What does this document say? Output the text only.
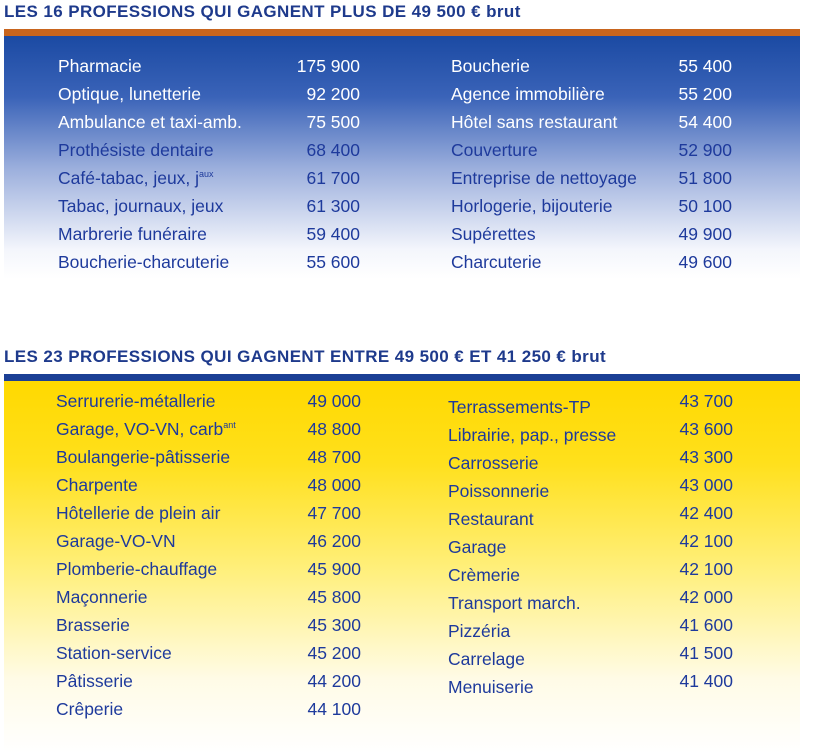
LES 16 PROFESSIONS QUI GAGNENT PLUS DE 49 500 € brut
Pharmacie	175 900
Optique, lunetterie	92 200
Ambulance et taxi-amb.	75 500
Prothésiste dentaire	68 400
Café-tabac, jeux, $j^{aux}$	61 700
Tabac, journaux, jeux	61 300
Marbrerie funéraire	59 400
Boucherie-charcuterie	55 600
Boucherie	55 400
Agence immobilière	55 200
Hôtel sans restaurant	54 400
Couverture	52 900
Entreprise de nettoyage 51 800
Horlogerie, bijouterie	50 100
Supérettes	49 900
Charcuterie	49 600
LES 23 PROFESSIONS QUI GAGNENT ENTRE 49 500 € ET 41 250 € brut
Serrurerie-métallerie	49 000
Garage, VO-VN, carb$^{ant}$	48 800
Boulangerie-pâtisserie	48 700
Charpente	48 000
Hôtellerie de plein air	47 700
Garage-VO-VN	46 200
Plomberie-chauffage	45 900
Maçonnerie	45 800
Brasserie	45 300
Station-service	45 200
Pâtisserie	44 200
Crêperie	44 100
Terrassements-TP	43 700
Librairie, pap., presse	43 600
Carrosserie	43 300
Poissonnerie	43 000
Restaurant	42 400
Garage	42 100
Crèmerie	42 100
Transport march.	42 000
Pizzéria	41 600
Carrelage	41 500
Menuiserie	41 400
